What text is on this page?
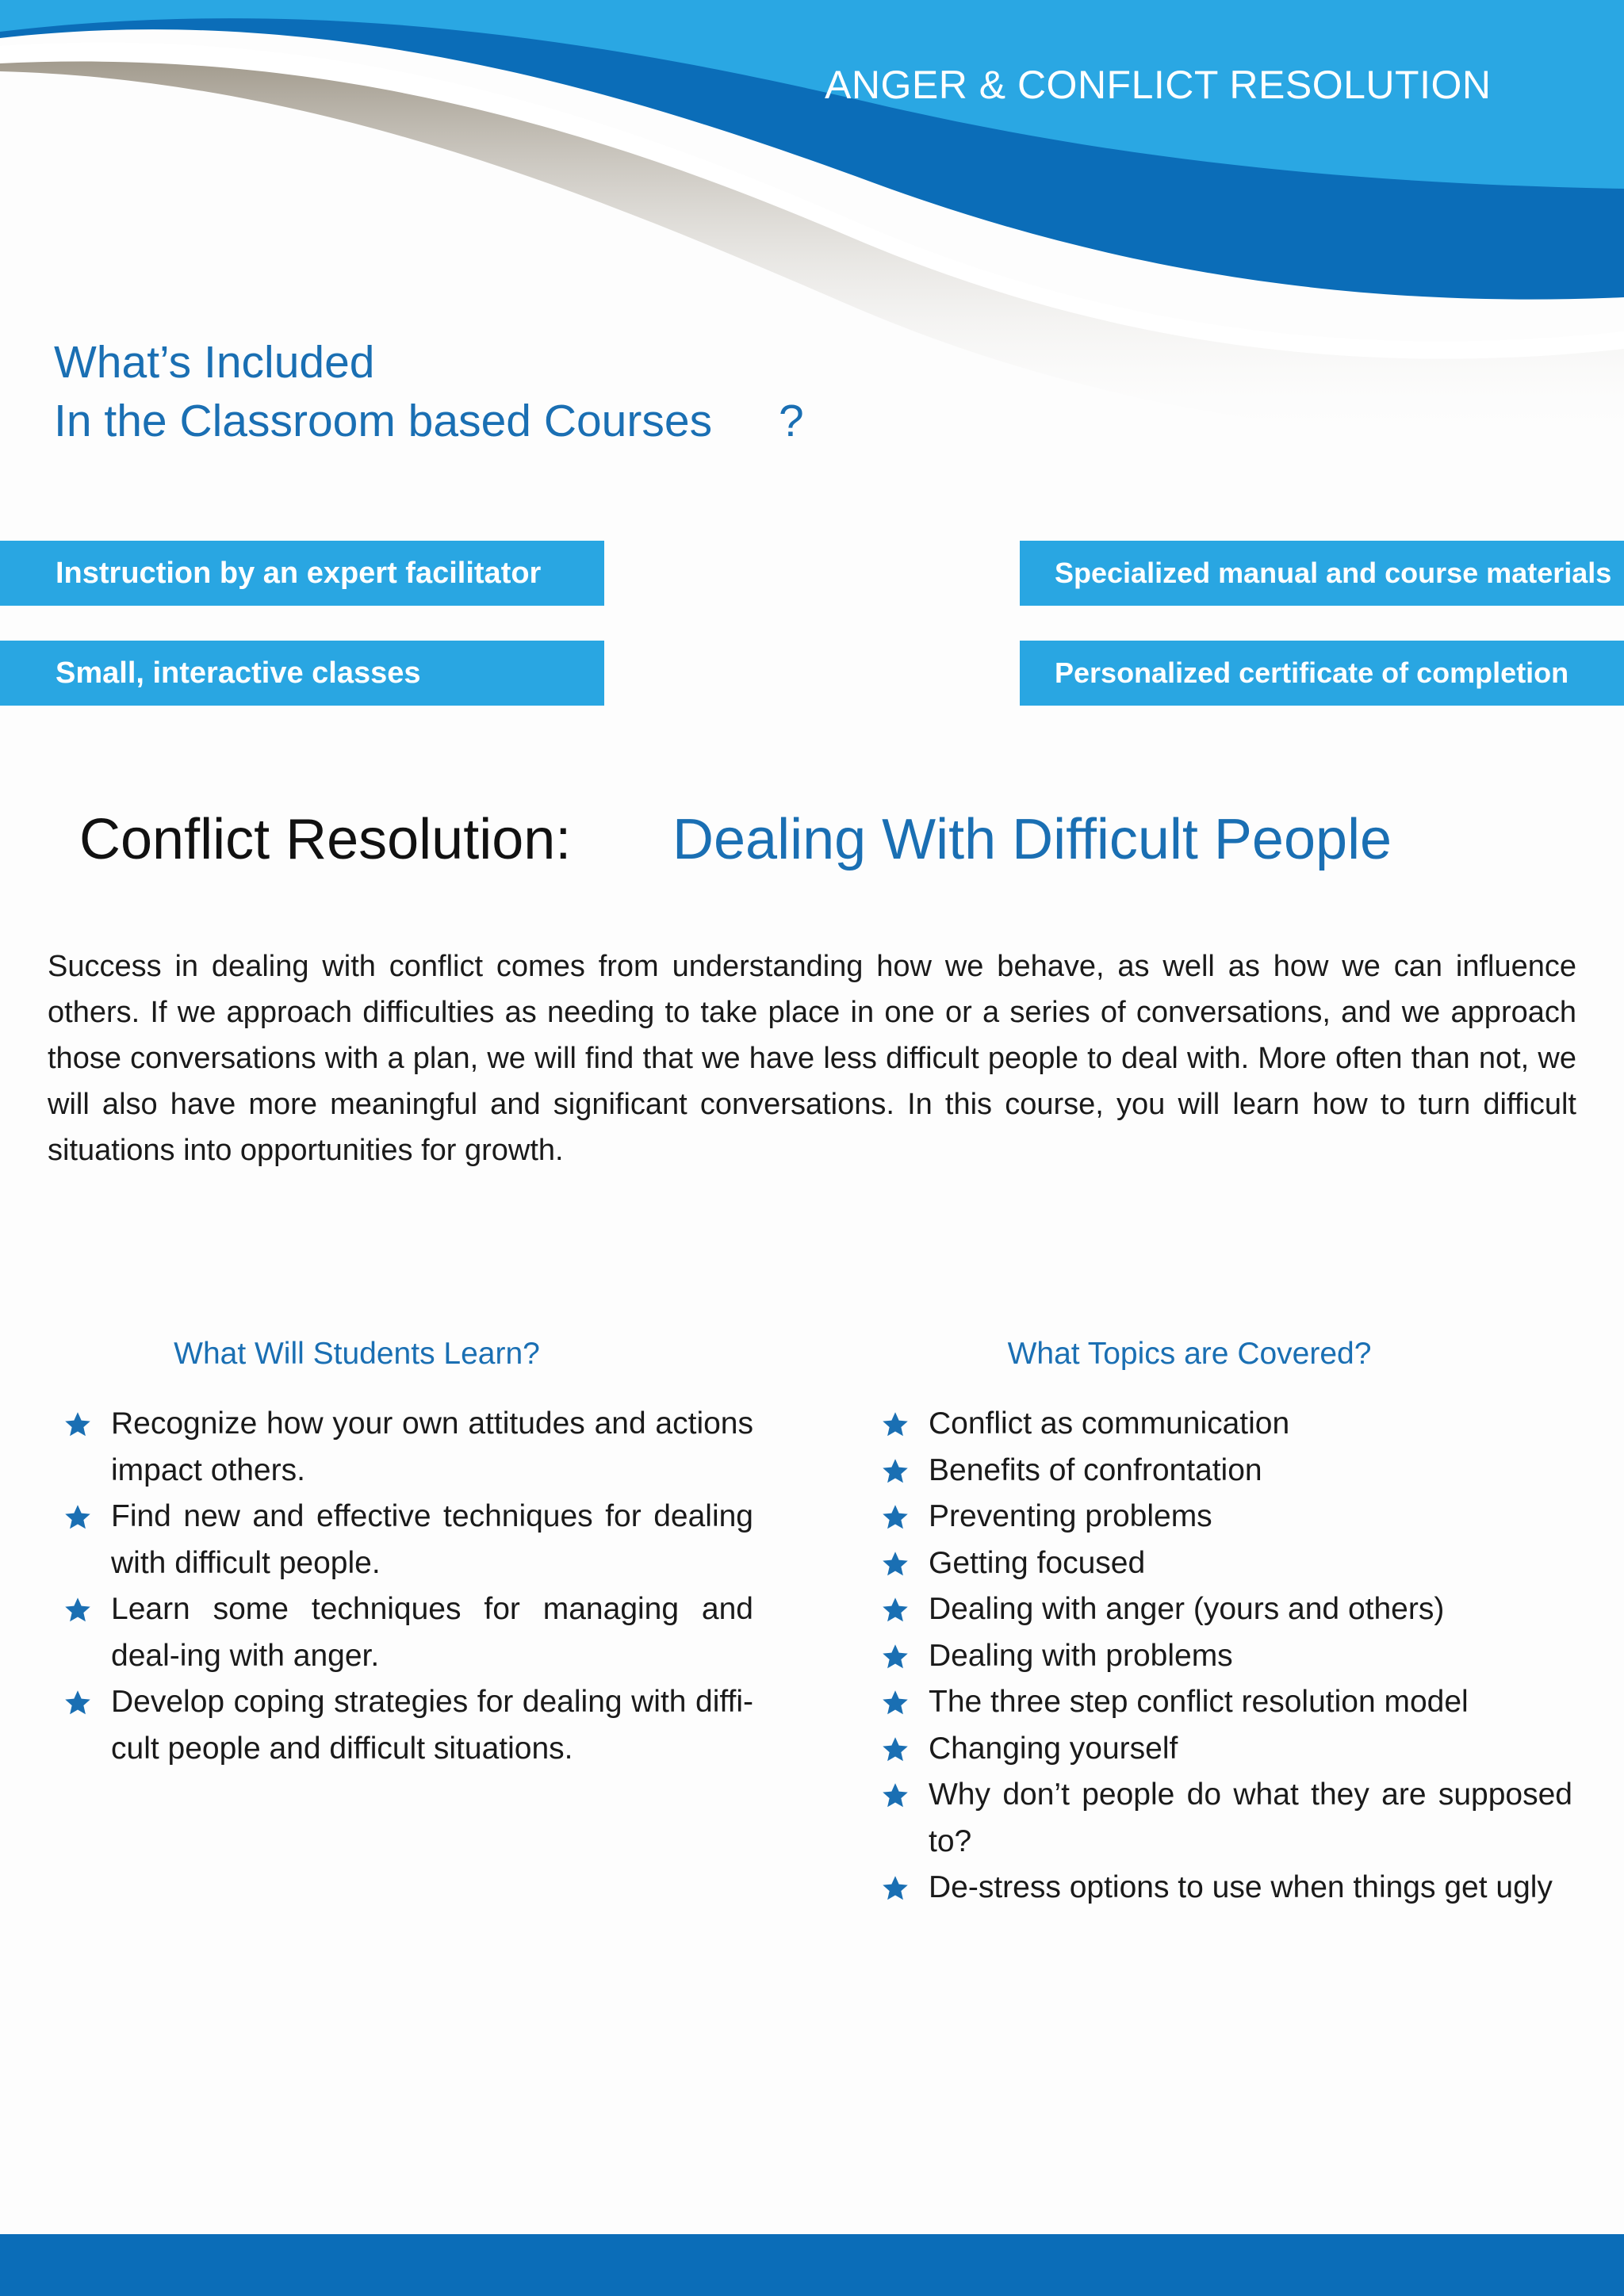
ANGER & CONFLICT RESOLUTION
What’s Included
In the Classroom based Courses ?
Instruction by an expert facilitator
Small, interactive classes
Specialized manual and course materials
Personalized certificate of completion
Conflict Resolution: Dealing With Difficult People
Success in dealing with conflict comes from understanding how we behave, as well as how we can influence others. If we approach difficulties as needing to take place in one or a series of conversations, and we approach those conversations with a plan, we will find that we have less difficult people to deal with. More often than not, we will also have more meaningful and significant conversations. In this course, you will learn how to turn difficult situations into opportunities for growth.
What Will Students Learn?	What Topics are Covered?
Recognize how your own attitudes and actions impact others.
Find new and effective techniques for dealing with difficult people.
Learn some techniques for managing and deal-ing with anger.
Develop coping strategies for dealing with diffi-cult people and difficult situations.
Conflict as communication
Benefits of confrontation
Preventing problems
Getting focused
Dealing with anger (yours and others)
Dealing with problems
The three step conflict resolution model
Changing yourself
Why don’t people do what they are supposed to?
De-stress options to use when things get ugly
